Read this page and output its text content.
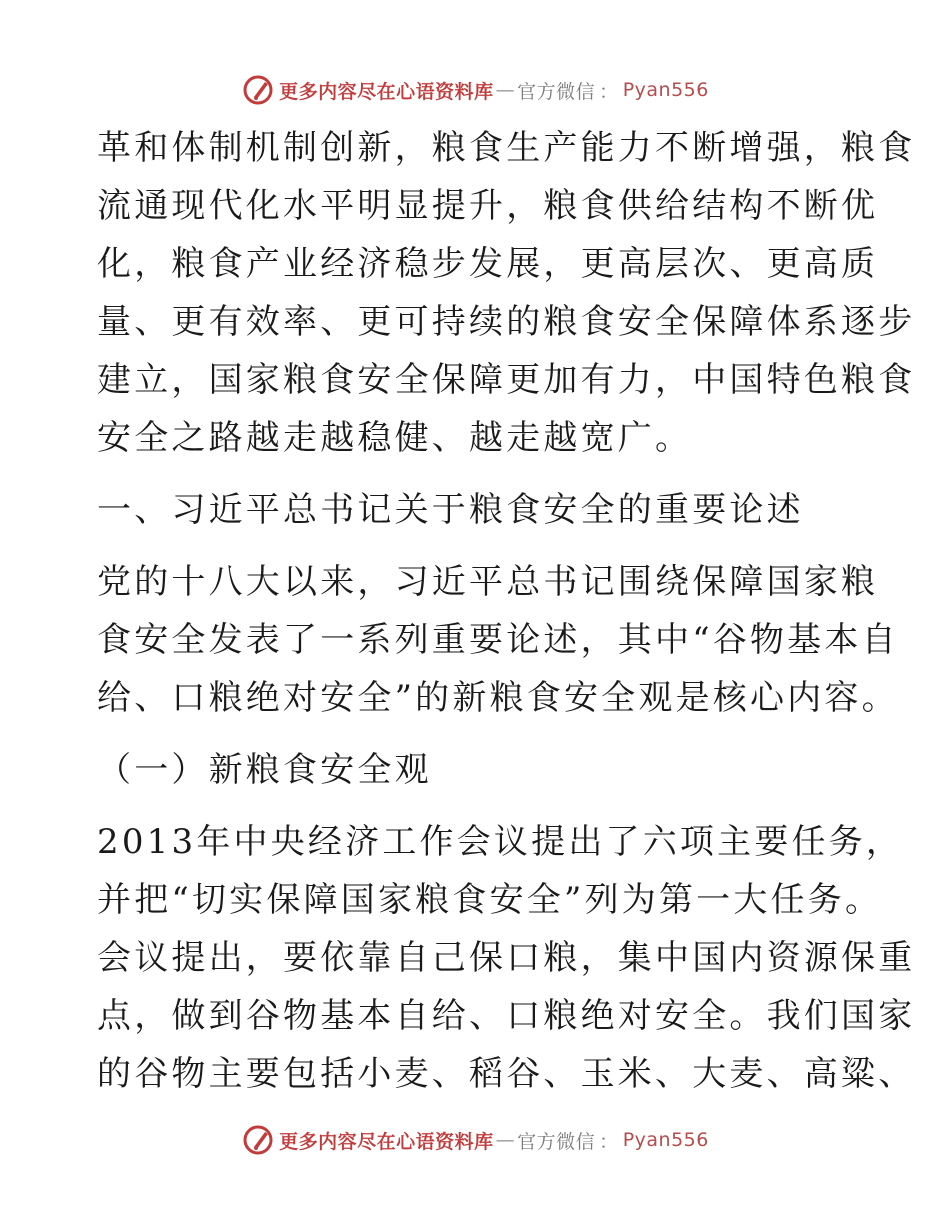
更多内容尽在心语资料库 — 官方微信 ： Pyan556
革和体制机制创新，粮食生产能力不断增强，粮食
流通现代化水平明显提升，粮食供给结构不断优
化，粮食产业经济稳步发展，更高层次、更高质
量、更有效率、更可持续的粮食安全保障体系逐步
建立，国家粮食安全保障更加有力，中国特色粮食
安全之路越走越稳健、越走越宽广。
一、习近平总书记关于粮食安全的重要论述
党的十八大以来，习近平总书记围绕保障国家粮
食安全发表了一系列重要论述，其中“谷物基本自
给、口粮绝对安全”的新粮食安全观是核心内容。
（一）新粮食安全观
2013年中央经济工作会议提出了六项主要任务，
并把“切实保障国家粮食安全”列为第一大任务。
会议提出，要依靠自己保口粮，集中国内资源保重
点，做到谷物基本自给、口粮绝对安全。我们国家
的谷物主要包括小麦、稻谷、玉米、大麦、高粱、
更多内容尽在心语资料库 — 官方微信 ： Pyan556
